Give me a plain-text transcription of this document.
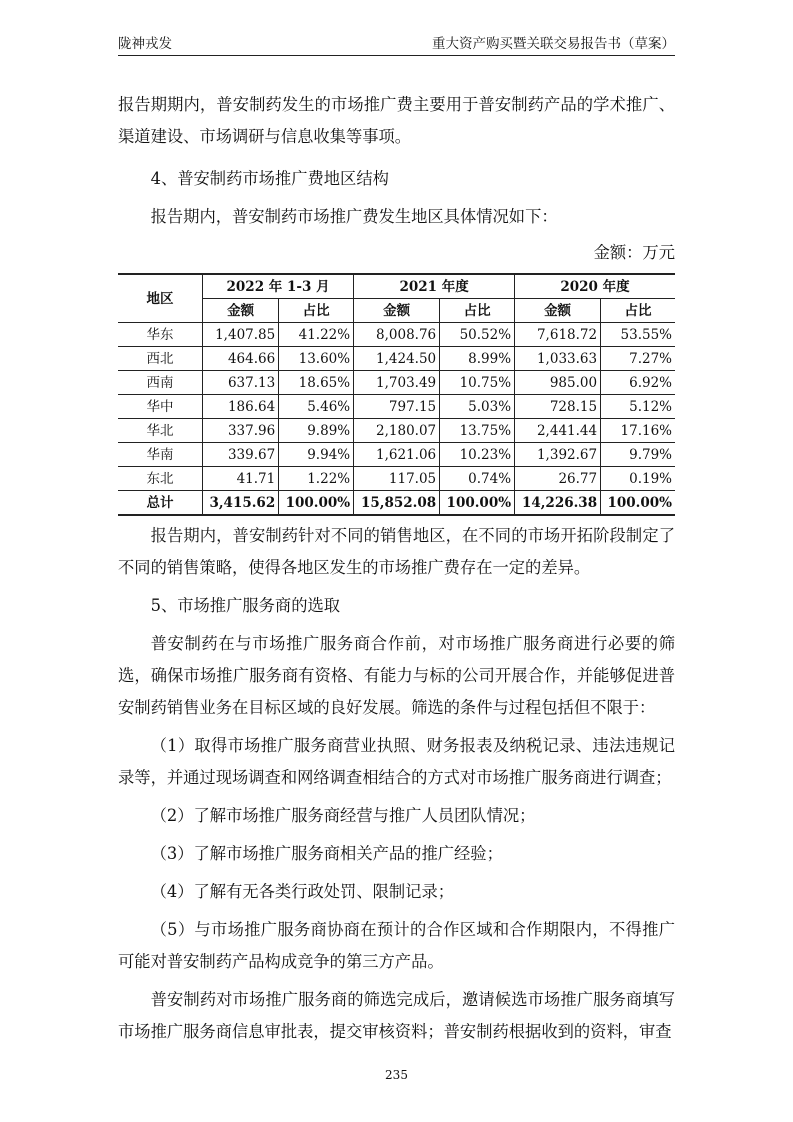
陇神戎发	重大资产购买暨关联交易报告书（草案）

报告期期内，普安制药发生的市场推广费主要用于普安制药产品的学术推广、渠道建设、市场调研与信息收集等事项。

4、普安制药市场推广费地区结构

报告期内，普安制药市场推广费发生地区具体情况如下：

金额：万元

地区	2022 年 1-3 月		2021 年度		2020 年度	
	金额	占比	金额	占比	金额	占比
华东	1,407.85	41.22%	8,008.76	50.52%	7,618.72	53.55%
西北	464.66	13.60%	1,424.50	8.99%	1,033.63	7.27%
西南	637.13	18.65%	1,703.49	10.75%	985.00	6.92%
华中	186.64	5.46%	797.15	5.03%	728.15	5.12%
华北	337.96	9.89%	2,180.07	13.75%	2,441.44	17.16%
华南	339.67	9.94%	1,621.06	10.23%	1,392.67	9.79%
东北	41.71	1.22%	117.05	0.74%	26.77	0.19%
总计	3,415.62	100.00%	15,852.08	100.00%	14,226.38	100.00%

报告期内，普安制药针对不同的销售地区，在不同的市场开拓阶段制定了不同的销售策略，使得各地区发生的市场推广费存在一定的差异。

5、市场推广服务商的选取

普安制药在与市场推广服务商合作前，对市场推广服务商进行必要的筛选，确保市场推广服务商有资格、有能力与标的公司开展合作，并能够促进普安制药销售业务在目标区域的良好发展。筛选的条件与过程包括但不限于：

（1）取得市场推广服务商营业执照、财务报表及纳税记录、违法违规记录等，并通过现场调查和网络调查相结合的方式对市场推广服务商进行调查；

（2）了解市场推广服务商经营与推广人员团队情况；

（3）了解市场推广服务商相关产品的推广经验；

（4）了解有无各类行政处罚、限制记录；

（5）与市场推广服务商协商在预计的合作区域和合作期限内，不得推广可能对普安制药产品构成竞争的第三方产品。

普安制药对市场推广服务商的筛选完成后，邀请候选市场推广服务商填写市场推广服务商信息审批表，提交审核资料；普安制药根据收到的资料，审查

235
